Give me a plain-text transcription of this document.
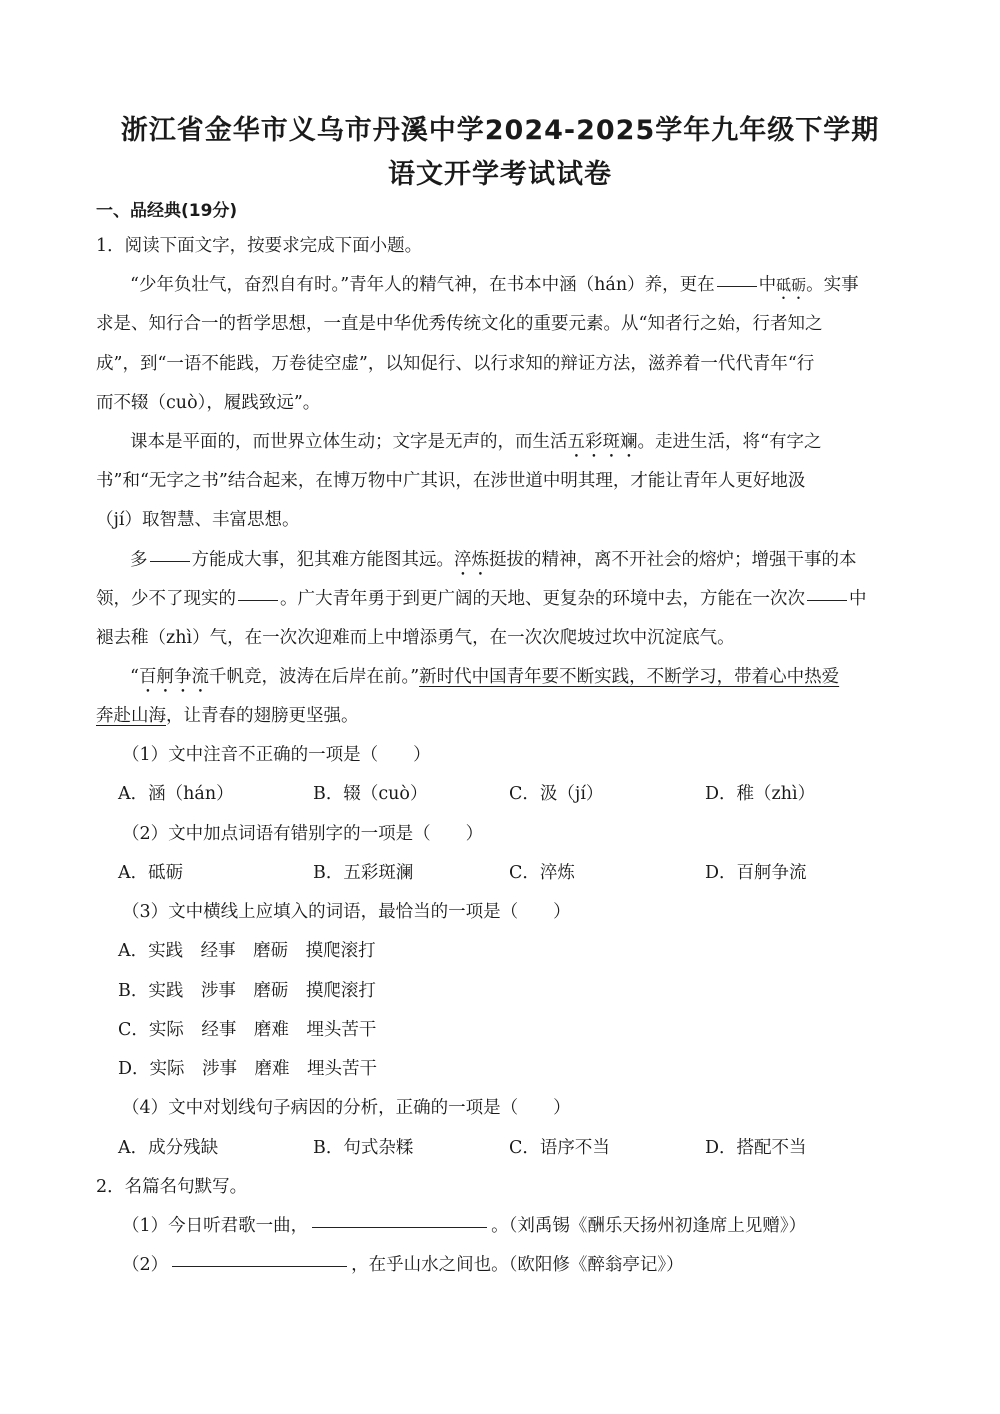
浙江省金华市义乌市丹溪中学2024-2025学年九年级下学期
语文开学考试试卷
一、品经典(19分)
1．阅读下面文字，按要求完成下面小题。
“少年负壮气，奋烈自有时。”青年人的精气神，在书本中涵（hán）养，更在	中砥砺。实事
求是、知行合一的哲学思想，一直是中华优秀传统文化的重要元素。从“知者行之始，行者知之
成”，到“一语不能践，万卷徒空虚”，以知促行、以行求知的辩证方法，滋养着一代代青年“行
而不辍（cuò），履践致远”。
课本是平面的，而世界立体生动；文字是无声的，而生活五彩斑斓。走进生活，将“有字之
书”和“无字之书”结合起来，在博万物中广其识，在涉世道中明其理，才能让青年人更好地汲
（jí）取智慧、丰富思想。
多	方能成大事，犯其难方能图其远。淬炼挺拔的精神，离不开社会的熔炉；增强干事的本
领，少不了现实的	。广大青年勇于到更广阔的天地、更复杂的环境中去，方能在一次次	中
褪去稚（zhì）气，在一次次迎难而上中增添勇气，在一次次爬坡过坎中沉淀底气。
“百舸争流千帆竞，波涛在后岸在前。”新时代中国青年要不断实践，不断学习，带着心中热爱
奔赴山海，让青春的翅膀更坚强。
（1）文中注音不正确的一项是（　　）
A．涵（hán）	B．辍（cuò）	C．汲（jí）	D．稚（zhì）
（2）文中加点词语有错别字的一项是（　　）
A．砥砺	B．五彩斑澜	C．淬炼	D．百舸争流
（3）文中横线上应填入的词语，最恰当的一项是（　　）
A．实践　经事　磨砺　摸爬滚打
B．实践　涉事　磨砺　摸爬滚打
C．实际　经事　磨难　埋头苦干
D．实际　涉事　磨难　埋头苦干
（4）文中对划线句子病因的分析，正确的一项是（　　）
A．成分残缺	B．句式杂糅	C．语序不当	D．搭配不当
2．名篇名句默写。
（1）今日听君歌一曲，	。（刘禹锡《酬乐天扬州初逢席上见赠》）
（2）	，在乎山水之间也。（欧阳修《醉翁亭记》）
